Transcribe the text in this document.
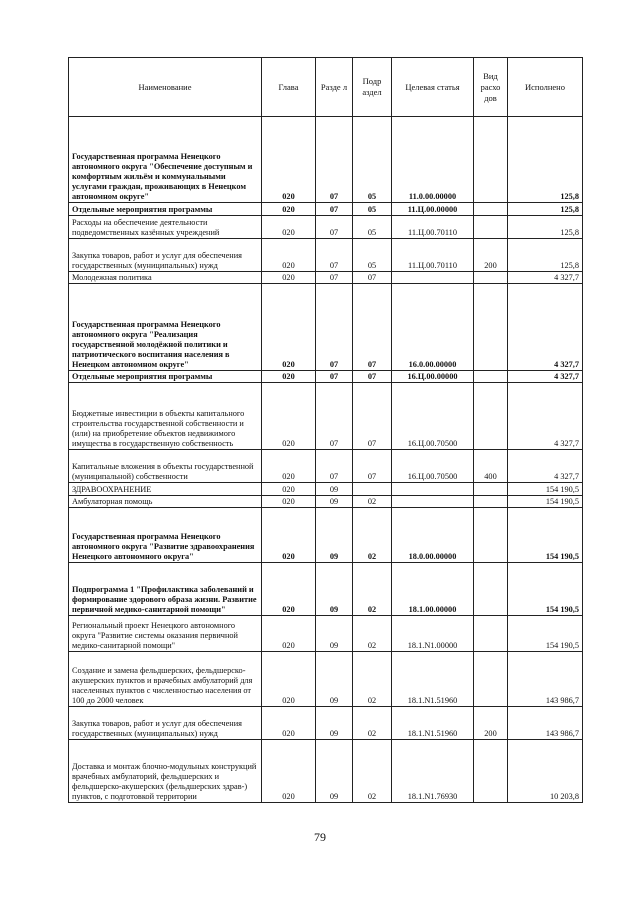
Наименование	Глава	Разде л	Подр аздел	Целевая статья	Вид расхо дов	Исполнено
Государственная программа Ненецкого автономного округа "Обеспечение доступным и комфортным жильём и коммунальными услугами граждан, проживающих в Ненецком автономном округе"	020	07	05	11.0.00.00000		125,8
Отдельные мероприятия программы	020	07	05	11.Ц.00.00000		125,8
Расходы на обеспечение деятельности подведомственных казённых учреждений	020	07	05	11.Ц.00.70110		125,8
Закупка товаров, работ и услуг для обеспечения государственных (муниципальных) нужд	020	07	05	11.Ц.00.70110	200	125,8
Молодежная политика	020	07	07			4 327,7
Государственная программа Ненецкого автономного округа "Реализация государственной молодёжной политики и патриотического воспитания населения в Ненецком автономном округе"	020	07	07	16.0.00.00000		4 327,7
Отдельные мероприятия программы	020	07	07	16.Ц.00.00000		4 327,7
Бюджетные инвестиции в объекты капитального строительства государственной собственности и (или) на приобретение объектов недвижимого имущества в государственную собственность	020	07	07	16.Ц.00.70500		4 327,7
Капитальные вложения в объекты государственной (муниципальной) собственности	020	07	07	16.Ц.00.70500	400	4 327,7
ЗДРАВООХРАНЕНИЕ	020	09				154 190,5
Амбулаторная помощь	020	09	02			154 190,5
Государственная программа Ненецкого автономного округа "Развитие здравоохранения Ненецкого автономного округа"	020	09	02	18.0.00.00000		154 190,5
Подпрограмма 1 "Профилактика заболеваний и формирование здорового образа жизни. Развитие первичной медико-санитарной помощи"	020	09	02	18.1.00.00000		154 190,5
Региональный проект Ненецкого автономного округа "Развитие системы оказания первичной медико-санитарной помощи"	020	09	02	18.1.N1.00000		154 190,5
Создание и замена фельдшерских, фельдшерско-акушерских пунктов и врачебных амбулаторий для населенных пунктов с численностью населения от 100 до 2000 человек	020	09	02	18.1.N1.51960		143 986,7
Закупка товаров, работ и услуг для обеспечения государственных (муниципальных) нужд	020	09	02	18.1.N1.51960	200	143 986,7
Доставка и монтаж блочно-модульных конструкций врачебных амбулаторий, фельдшерских и фельдшерско-акушерских (фельдшерских здрав-) пунктов, с подготовкой территории	020	09	02	18.1.N1.76930		10 203,8
79
